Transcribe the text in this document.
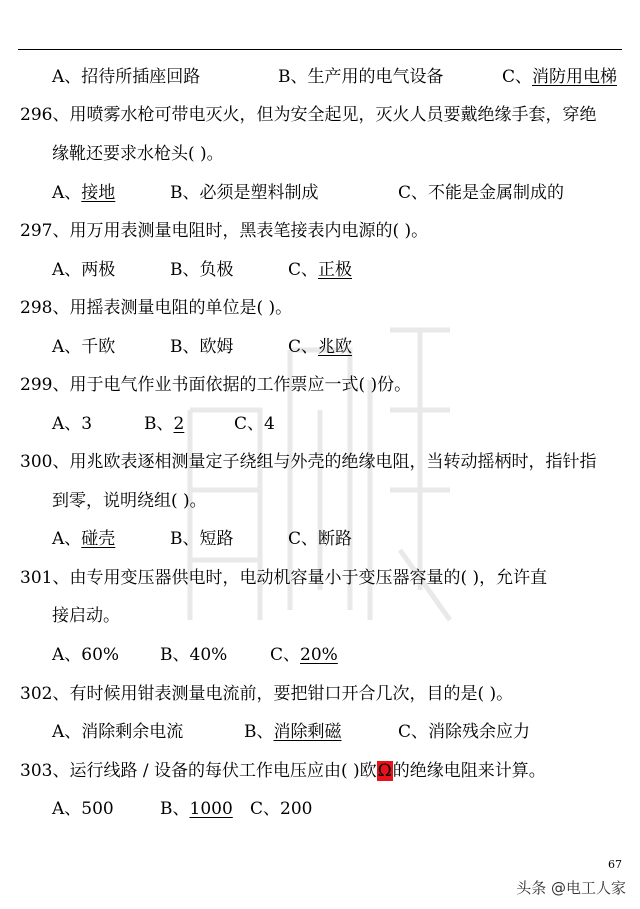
A、招待所插座回路	B、生产用的电气设备	C、消防用电梯
296、用喷雾水枪可带电灭火，但为安全起见，灭火人员要戴绝缘手套，穿绝
缘靴还要求水枪头( )。
A、接地	B、必须是塑料制成	C、不能是金属制成的
297、用万用表测量电阻时，黑表笔接表内电源的( )。
A、两极	B、负极	C、正极
298、用摇表测量电阻的单位是( )。
A、千欧	B、欧姆	C、兆欧
299、用于电气作业书面依据的工作票应一式( )份。
A、3	B、2	C、4
300、用兆欧表逐相测量定子绕组与外壳的绝缘电阻，当转动摇柄时，指针指
到零，说明绕组( )。
A、碰壳	B、短路	C、断路
301、由专用变压器供电时，电动机容量小于变压器容量的( )，允许直
接启动。
A、60% B、40%	C、20%
302、有时候用钳表测量电流前，要把钳口开合几次，目的是( )。
A、消除剩余电流	B、消除剩磁	C、消除残余应力
303、运行线路 / 设备的每伏工作电压应由( )欧Ω的绝缘电阻来计算。
A、500	B、1000 C、200
67
头条 @电工人家
